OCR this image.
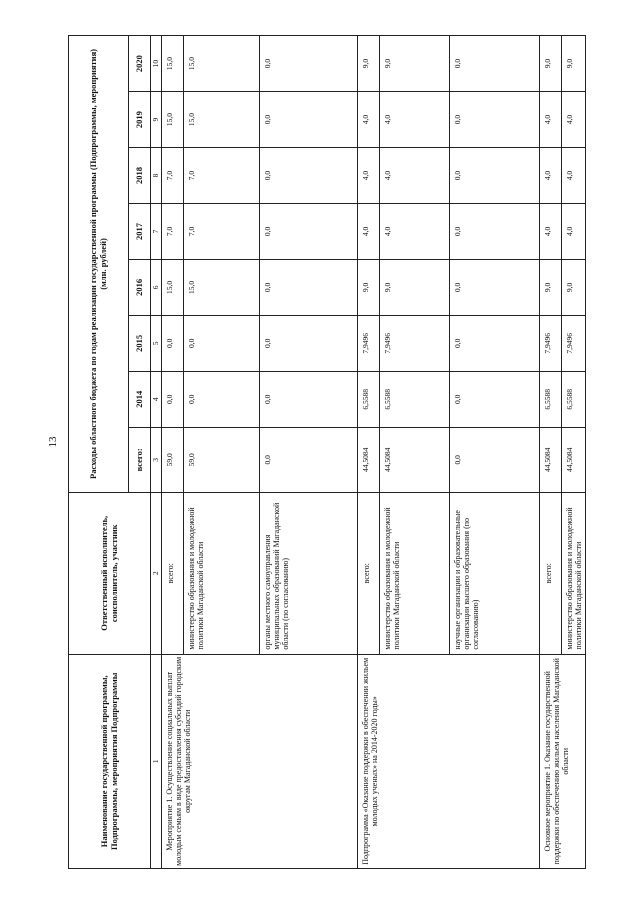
13
Наименование государственной программы, Подпрограммы, мероприятия Подпрограммы	Ответственный исполнитель, соисполнитель, участник	Расходы областного бюджета по годам реализации государственной программы (Подпрограммы, мероприятия) (млн. рублей)							
		всего:	2014	2015	2016	2017	2018	2019	2020
1	2	3	4	5	6	7	8	9	10
Мероприятие 1. Осуществление социальных выплат молодым семьям в виде предоставления субсидий городским округам Магаданской области	всего:	59,0	0,0	0,0	15,0	7,0	7,0	15,0	15,0
	министерство образования и молодежной политики Магаданской области	59,0	0,0	0,0	15,0	7,0	7,0	15,0	15,0
	органы местного самоуправления муниципальных образований Магаданской области (по согласованию)	0,0	0,0	0,0	0,0	0,0	0,0	0,0	0,0
Подпрограмма «Оказание поддержки в обеспечении жильем молодых ученых» на 2014-2020 годы»	всего:	44,5084	6,5588	7,9496	9,0	4,0	4,0	4,0	9,0
	министерство образования и молодежной политики Магаданской области	44,5084	6,5588	7,9496	9,0	4,0	4,0	4,0	9,0
	научные организации и образовательные организации высшего образования (по согласованию)	0,0	0,0	0,0	0,0	0,0	0,0	0,0	0,0
Основное мероприятие 1. Оказание государственной поддержки по обеспечению жильем населения Магаданской области	всего:	44,5084	6,5588	7,9496	9,0	4,0	4,0	4,0	9,0
	министерство образования и молодежной политики Магаданской области	44,5084	6,5588	7,9496	9,0	4,0	4,0	4,0	9,0
